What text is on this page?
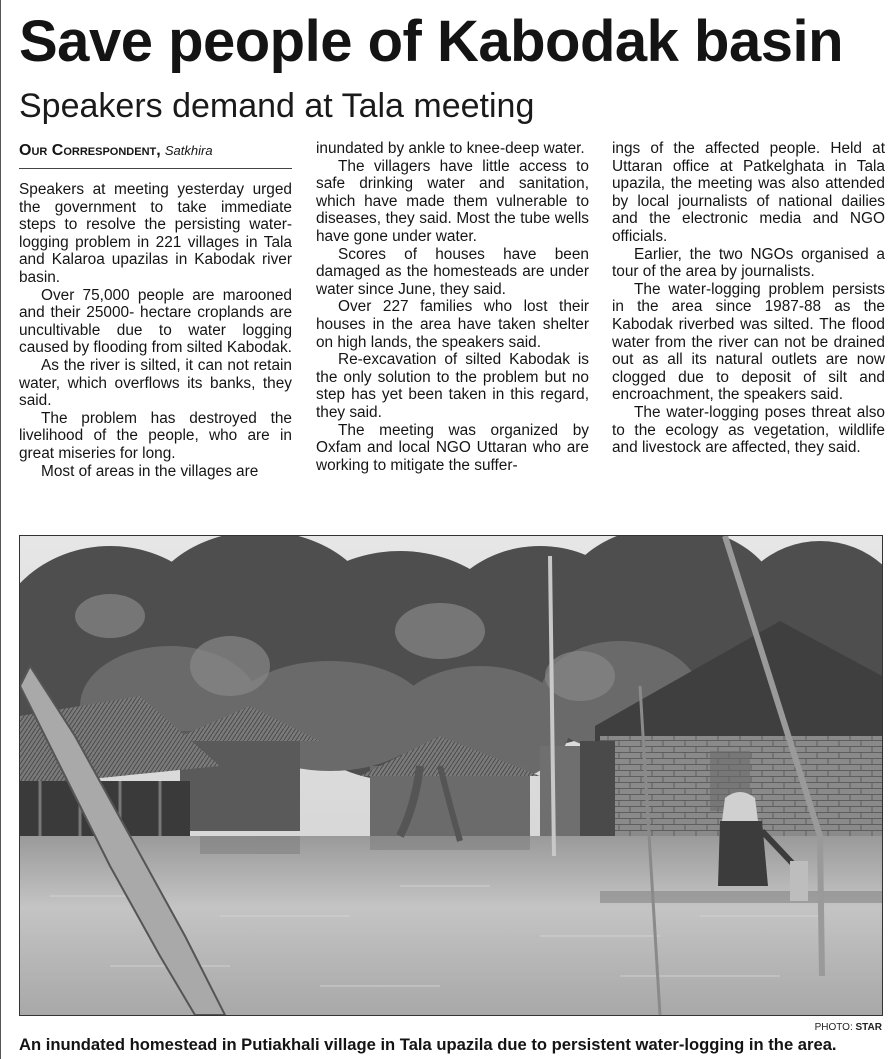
Save people of Kabodak basin
Speakers demand at Tala meeting
Our Correspondent, Satkhira

Speakers at meeting yesterday urged the government to take immediate steps to resolve the persisting water-logging problem in 221 villages in Tala and Kalaroa upazilas in Kabodak river basin.

Over 75,000 people are marooned and their 25000- hectare croplands are uncultivable due to water logging caused by flooding from silted Kabodak.

As the river is silted, it can not retain water, which overflows its banks, they said.

The problem has destroyed the livelihood of the people, who are in great miseries for long.

Most of areas in the villages are

inundated by ankle to knee-deep water.

The villagers have little access to safe drinking water and sanitation, which have made them vulnerable to diseases, they said. Most the tube wells have gone under water.

Scores of houses have been damaged as the homesteads are under water since June, they said.

Over 227 families who lost their houses in the area have taken shelter on high lands, the speakers said.

Re-excavation of silted Kabodak is the only solution to the problem but no step has yet been taken in this regard, they said.

The meeting was organized by Oxfam and local NGO Uttaran who are working to mitigate the suffer-

ings of the affected people. Held at Uttaran office at Patkelghata in Tala upazila, the meeting was also attended by local journalists of national dailies and the electronic media and NGO officials.

Earlier, the two NGOs organised a tour of the area by journalists.

The water-logging problem persists in the area since 1987-88 as the Kabodak riverbed was silted. The flood water from the river can not be drained out as all its natural outlets are now clogged due to deposit of silt and encroachment, the speakers said.

The water-logging poses threat also to the ecology as vegetation, wildlife and livestock are affected, they said.

PHOTO: STAR
An inundated homestead in Putiakhali village in Tala upazila due to persistent water-logging in the area.
